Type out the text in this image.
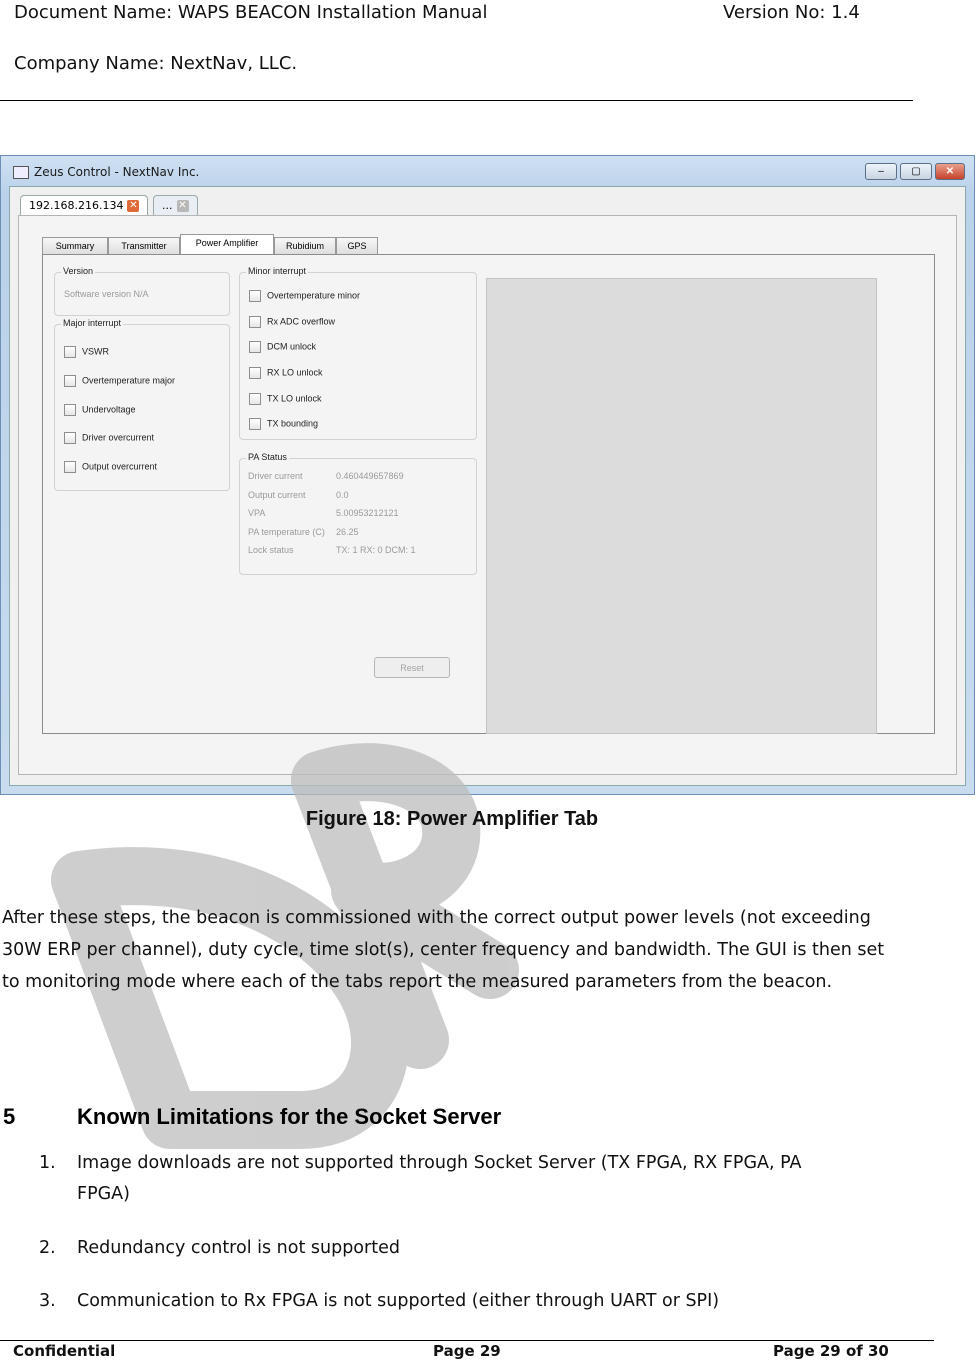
Document Name: WAPS BEACON Installation Manual	Version No: 1.4
Company Name: NextNav, LLC.
Zeus Control - NextNav Inc.	‒	▢	✕
192.168.216.134 ✕	... ✕
Summary	Transmitter	Power Amplifier	Rubidium	GPS
Version
Software version N/A
Major interrupt
VSWR
Overtemperature major
Undervoltage
Driver overcurrent
Output overcurrent
Minor interrupt
Overtemperature minor
Rx ADC overflow
DCM unlock
RX LO unlock
TX LO unlock
TX bounding
PA Status
Driver current	0.460449657869
Output current	0.0
VPA	5.00953212121
PA temperature (C) 26.25
Lock status	TX: 1 RX: 0 DCM: 1
Reset
Figure 18: Power Amplifier Tab
After these steps, the beacon is commissioned with the correct output power levels (not exceeding 30W ERP per channel), duty cycle, time slot(s), center frequency and bandwidth. The GUI is then set to monitoring mode where each of the tabs report the measured parameters from the beacon.
5	Known Limitations for the Socket Server
1. Image downloads are not supported through Socket Server (TX FPGA, RX FPGA, PA FPGA)
2. Redundancy control is not supported
3. Communication to Rx FPGA is not supported (either through UART or SPI)
Confidential	Page 29	Page 29 of 30
